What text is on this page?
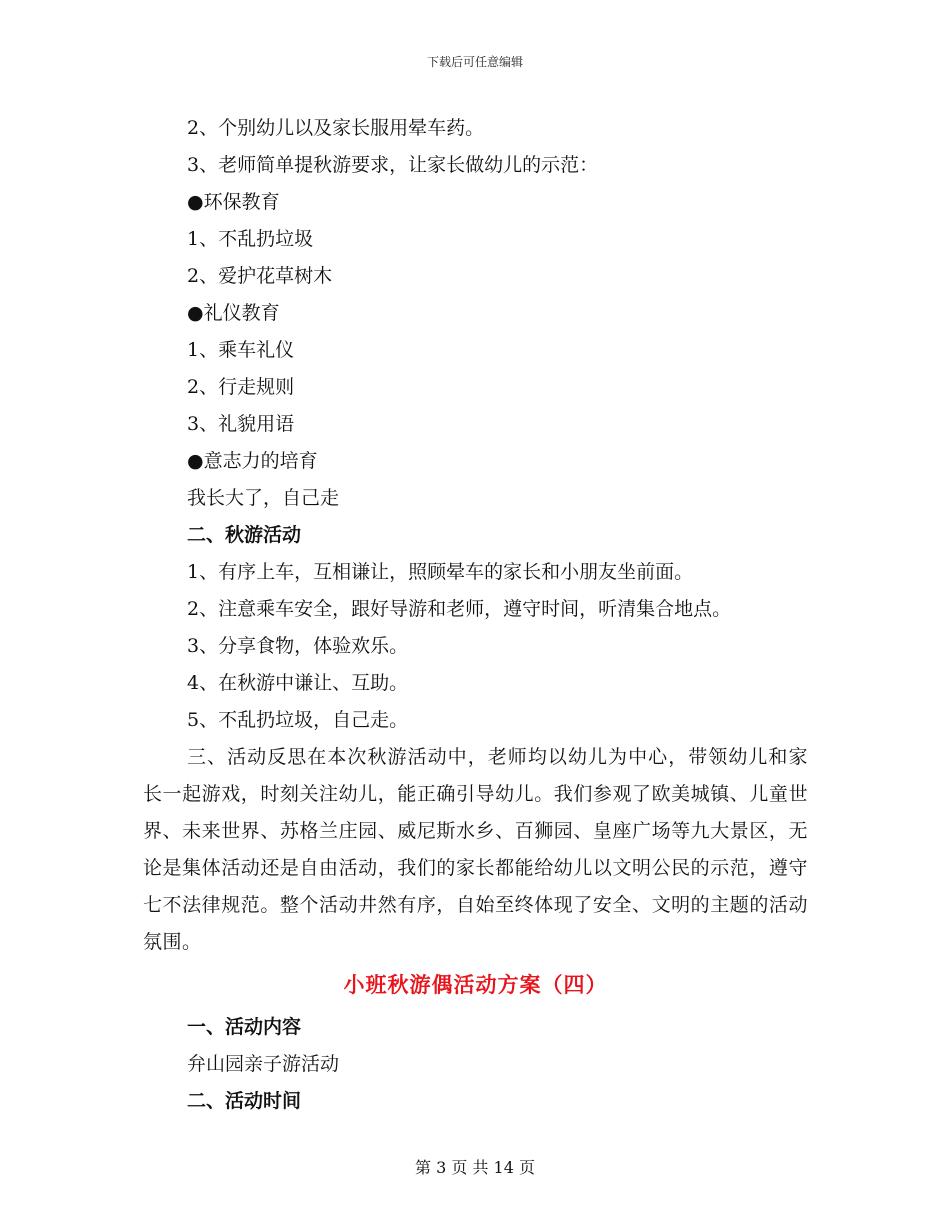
下载后可任意编辑
2、个别幼儿以及家长服用晕车药。
3、老师简单提秋游要求，让家长做幼儿的示范：
●环保教育
1、不乱扔垃圾
2、爱护花草树木
●礼仪教育
1、乘车礼仪
2、行走规则
3、礼貌用语
●意志力的培育
我长大了，自己走
二、秋游活动
1、有序上车，互相谦让，照顾晕车的家长和小朋友坐前面。
2、注意乘车安全，跟好导游和老师，遵守时间，听清集合地点。
3、分享食物，体验欢乐。
4、在秋游中谦让、互助。
5、不乱扔垃圾，自己走。
三、活动反思在本次秋游活动中，老师均以幼儿为中心，带领幼儿和家长一起游戏，时刻关注幼儿，能正确引导幼儿。我们参观了欧美城镇、儿童世界、未来世界、苏格兰庄园、威尼斯水乡、百狮园、皇座广场等九大景区，无论是集体活动还是自由活动，我们的家长都能给幼儿以文明公民的示范，遵守七不法律规范。整个活动井然有序，自始至终体现了安全、文明的主题的活动氛围。
小班秋游偶活动方案（四）
一、活动内容
弁山园亲子游活动
二、活动时间
第 3 页 共 14 页
